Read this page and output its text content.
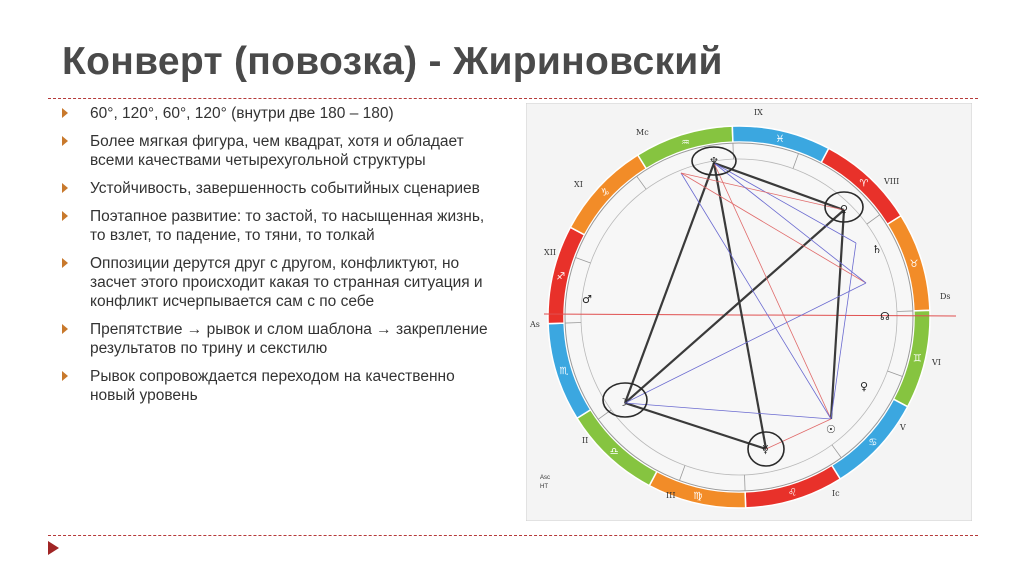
Конверт (повозка) - Жириновский
60°, 120°, 60°, 120° (внутри две 180 – 180)
Более мягкая фигура, чем квадрат, хотя и обладает всеми качествами четырехугольной структуры
Устойчивость, завершенность событийных сценариев
Поэтапное развитие: то застой, то насыщенная жизнь, то взлет, то падение, то тяни, то толкай
Оппозиции дерутся друг с другом, конфликтуют, но засчет этого происходит какая то странная ситуация и конфликт исчерпывается сам с по себе
Препятствие → рывок и слом шаблона → закрепление результатов по трину и секстилю
Рывок сопровождается переходом на качественно новый уровень
♈
♉
♊
♋
♌
♍
♎
♏
♐
♑
♒	♓
IX
Mc
XI
XII
As
II
III	Ic
V
VI
Ds
VIII
♆
♀
♄
☽
☿
☉
♀
♂
☊
Asc
HT
